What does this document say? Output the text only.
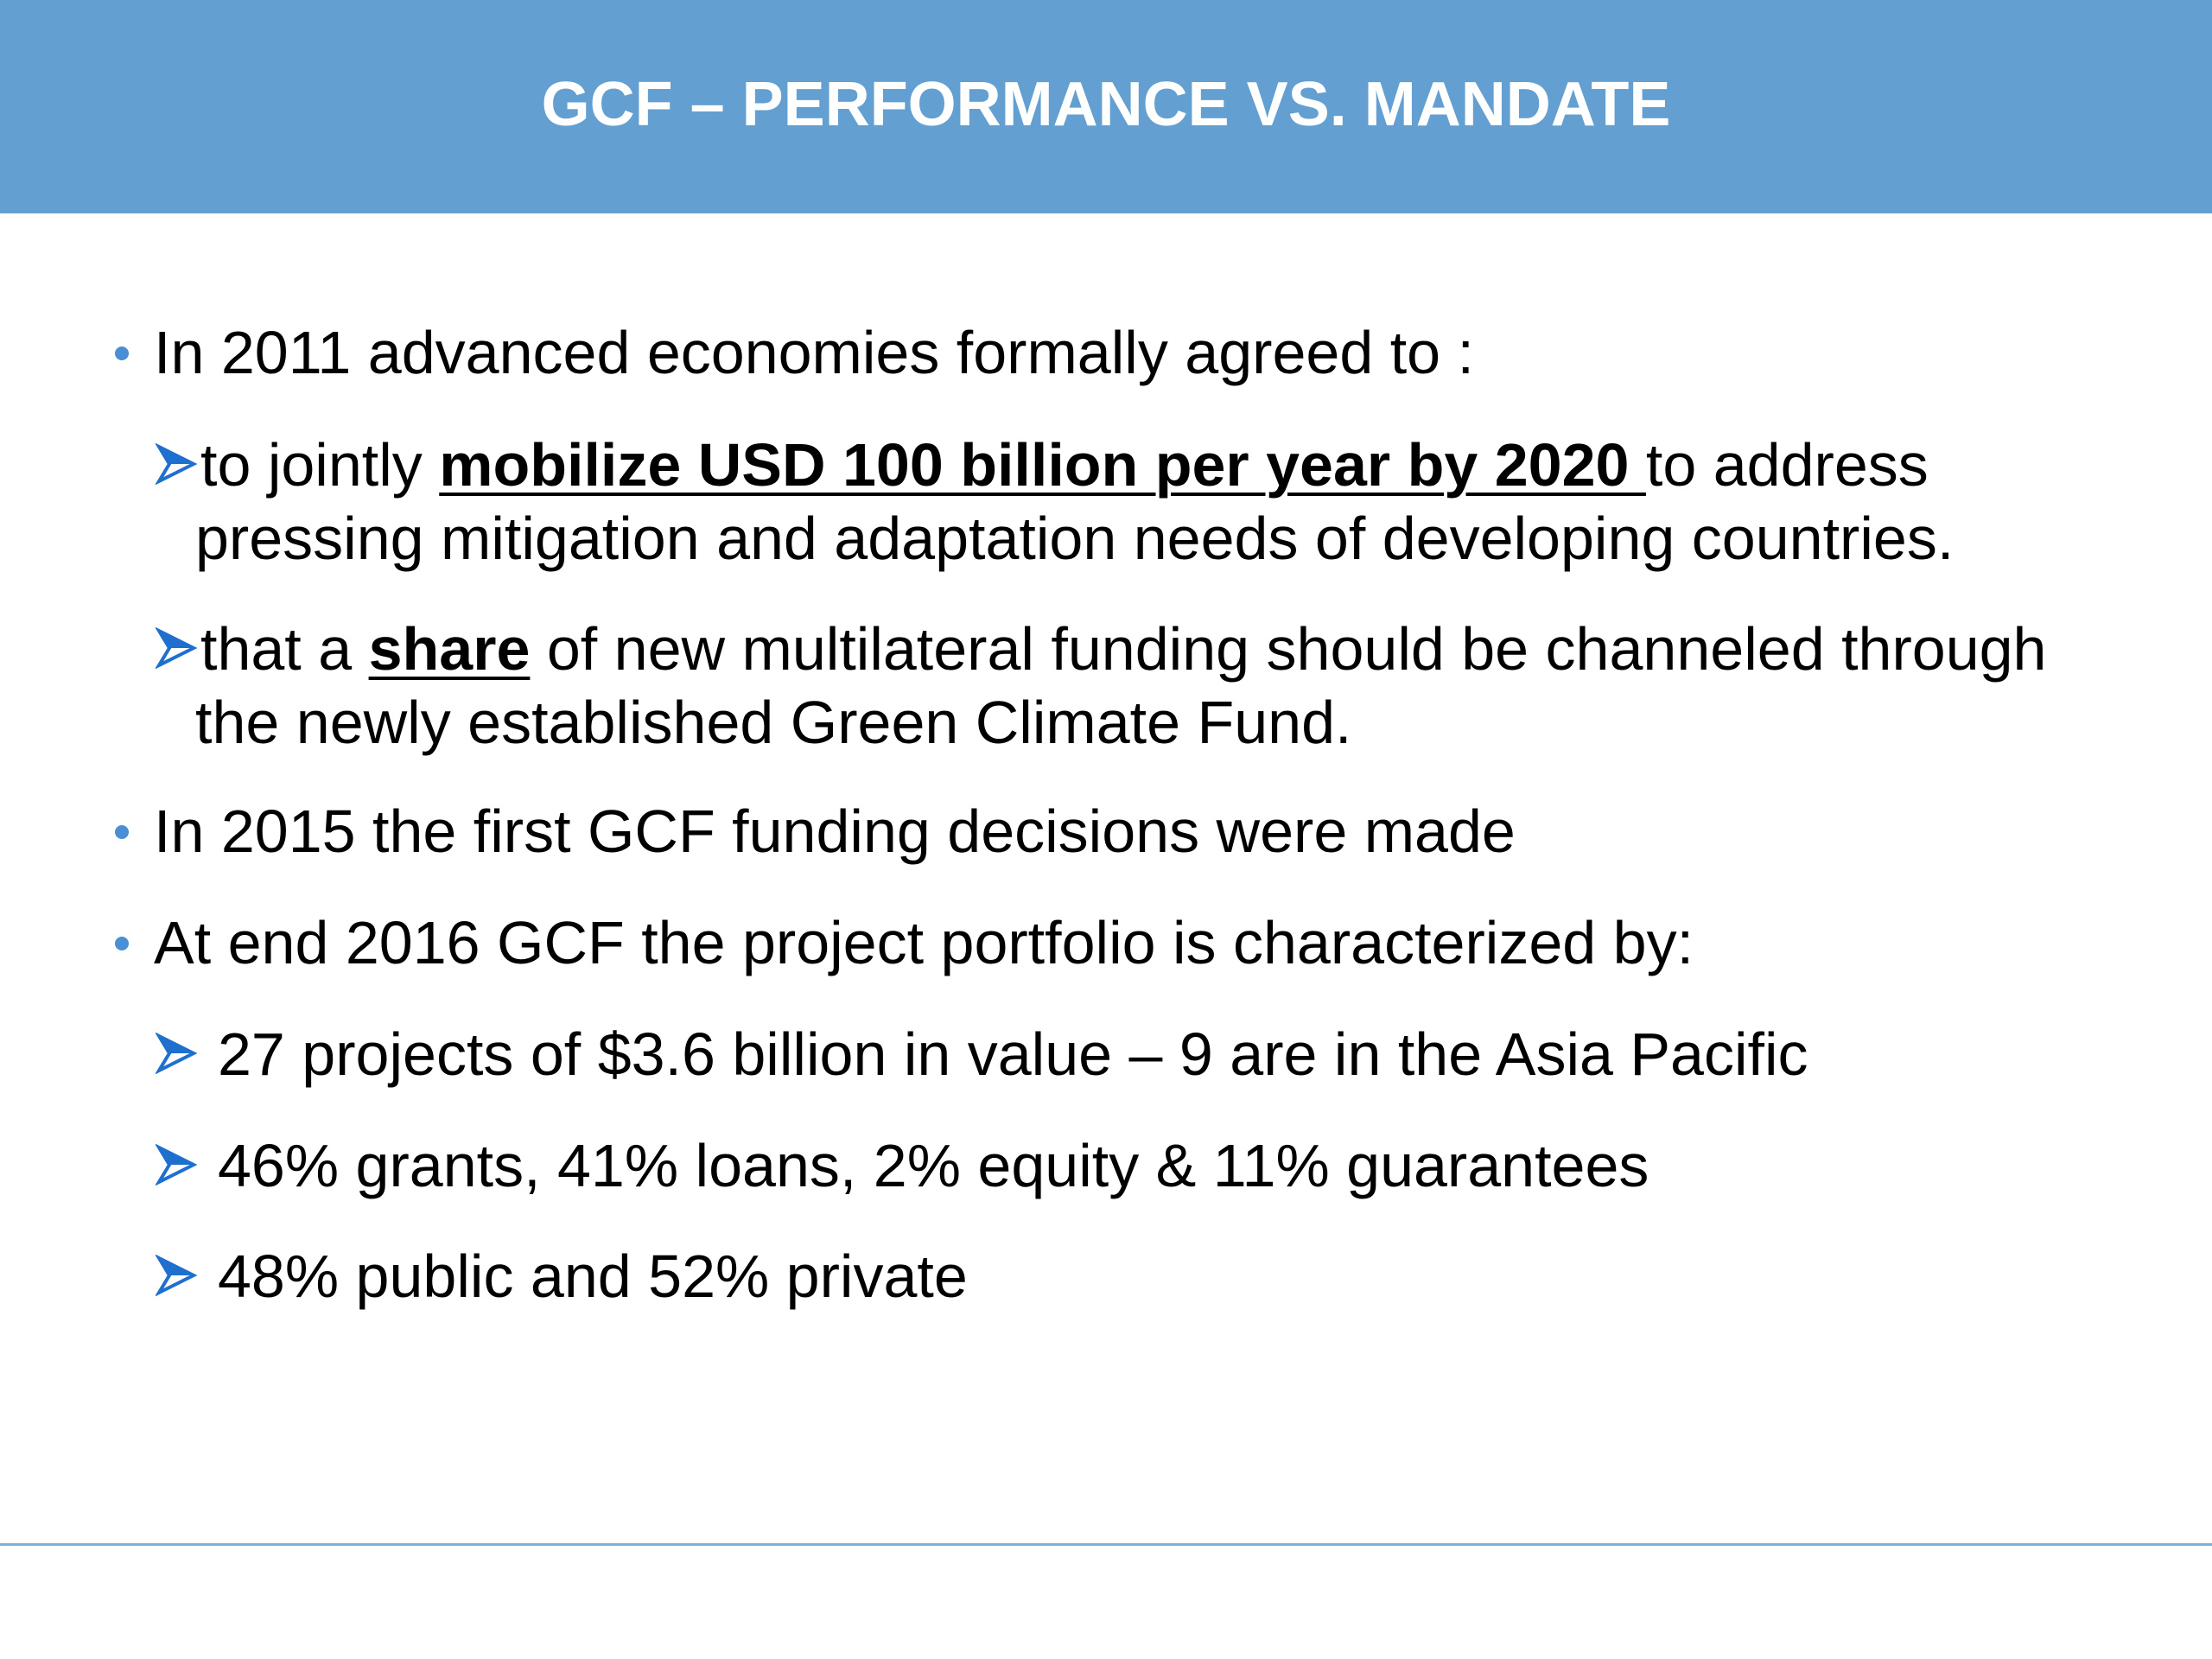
GCF – PERFORMANCE VS. MANDATE
In 2011 advanced economies formally agreed to :
to jointly mobilize USD 100 billion per year by 2020 to address
pressing mitigation and adaptation needs of developing countries.
that a share of new multilateral funding should be channeled through
the newly established Green Climate Fund.
In 2015 the first GCF funding decisions were made
At end 2016 GCF the project portfolio is characterized by:
27 projects of $3.6 billion in value – 9 are in the Asia Pacific
46% grants, 41% loans, 2% equity & 11% guarantees
48% public and 52% private
